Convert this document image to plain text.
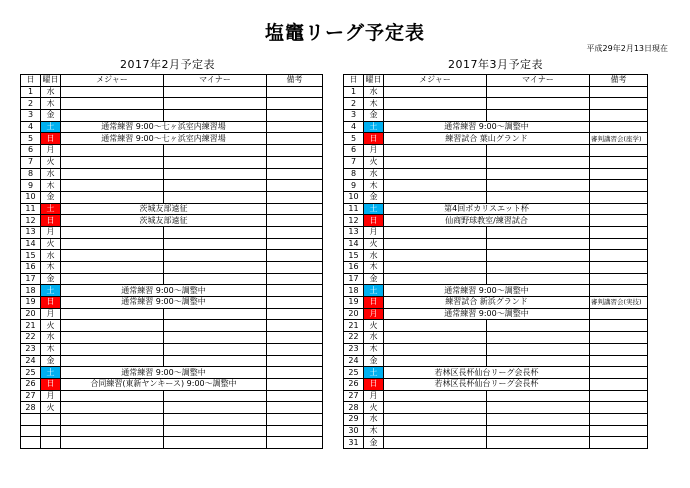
塩竈リーグ予定表
平成29年2月13日現在
2017年2月予定表	2017年3月予定表
日	曜日	メジャー	マイナー	備考
1	水			
2	木			
3	金			
4	土	通常練習 9:00～七ヶ浜室内練習場		
5	日	通常練習 9:00～七ヶ浜室内練習場		
6	月			
7	火			
8	水			
9	木			
10	金			
11	土	茨城友部遠征		
12	日	茨城友部遠征		
13	月			
14	火			
15	水			
16	木			
17	金			
18	土	通常練習 9:00～調整中		
19	日	通常練習 9:00～調整中		
20	月			
21	火			
22	水			
23	木			
24	金			
25	土	通常練習 9:00～調整中		
26	日	合同練習(東新ヤンキース) 9:00～調整中		
27	月			
28	火			

日	曜日	メジャー	マイナー	備考
1	水			
2	木			
3	金			
4	土	通常練習 9:00～調整中		
5	日	練習試合 葉山グランド		審判講習会(座学)
6	月			
7	火			
8	水			
9	木			
10	金			
11	土	第4回ポカリスエット杯		
12	日	仙商野球教室/練習試合		
13	月			
14	火			
15	水			
16	木			
17	金			
18	土	通常練習 9:00～調整中		
19	日	練習試合 新浜グランド		審判講習会(実技)
20	月	通常練習 9:00～調整中		
21	火			
22	水			
23	木			
24	金			
25	土	若林区長杯仙台リーグ会長杯		
26	日	若林区長杯仙台リーグ会長杯		
27	月			
28	火			
29	水			
30	木			
31	金			
